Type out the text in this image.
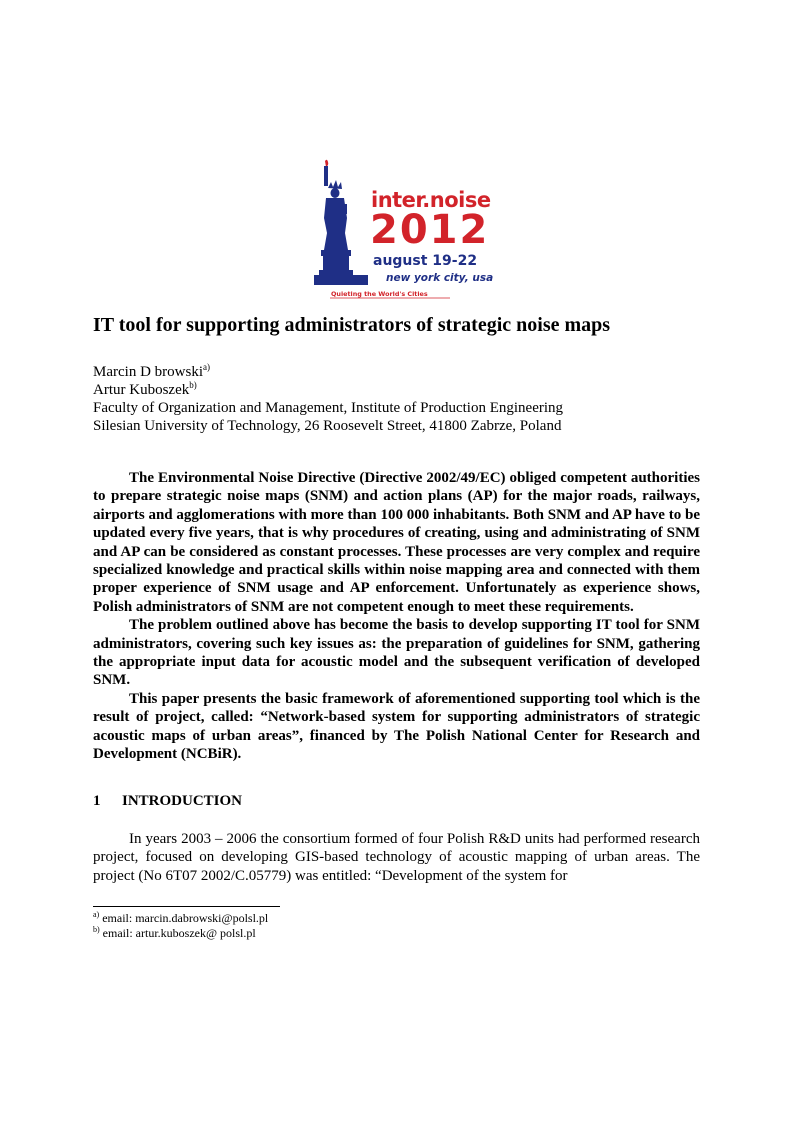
inter.noise
2012
august 19-22
new york city, usa
Quieting the World's Cities
IT tool for supporting administrators of strategic noise maps
Marcin D browski$^{a)}$
Artur Kuboszek$^{b)}$
Faculty of Organization and Management, Institute of Production Engineering
Silesian University of Technology, 26 Roosevelt Street, 41800 Zabrze, Poland

The Environmental Noise Directive (Directive 2002/49/EC) obliged competent authorities to prepare strategic noise maps (SNM) and action plans (AP) for the major roads, railways, airports and agglomerations with more than 100 000 inhabitants. Both SNM and AP have to be updated every five years, that is why procedures of creating, using and administrating of SNM and AP can be considered as constant processes. These processes are very complex and require specialized knowledge and practical skills within noise mapping area and connected with them proper experience of SNM usage and AP enforcement. Unfortunately as experience shows, Polish administrators of SNM are not competent enough to meet these requirements.

The problem outlined above has become the basis to develop supporting IT tool for SNM administrators, covering such key issues as: the preparation of guidelines for SNM, gathering the appropriate input data for acoustic model and the subsequent verification of developed SNM.

This paper presents the basic framework of aforementioned supporting tool which is the result of project, called: “Network-based system for supporting administrators of strategic acoustic maps of urban areas”, financed by The Polish National Center for Research and Development (NCBiR).

1 INTRODUCTION

In years 2003 – 2006 the consortium formed of four Polish R&D units had performed research project, focused on developing GIS-based technology of acoustic mapping of urban areas. The project (No 6T07 2002/C.05779) was entitled: “Development of the system for

$^{a)}$ email: marcin.dabrowski@polsl.pl
$^{b)}$ email: artur.kuboszek@ polsl.pl
